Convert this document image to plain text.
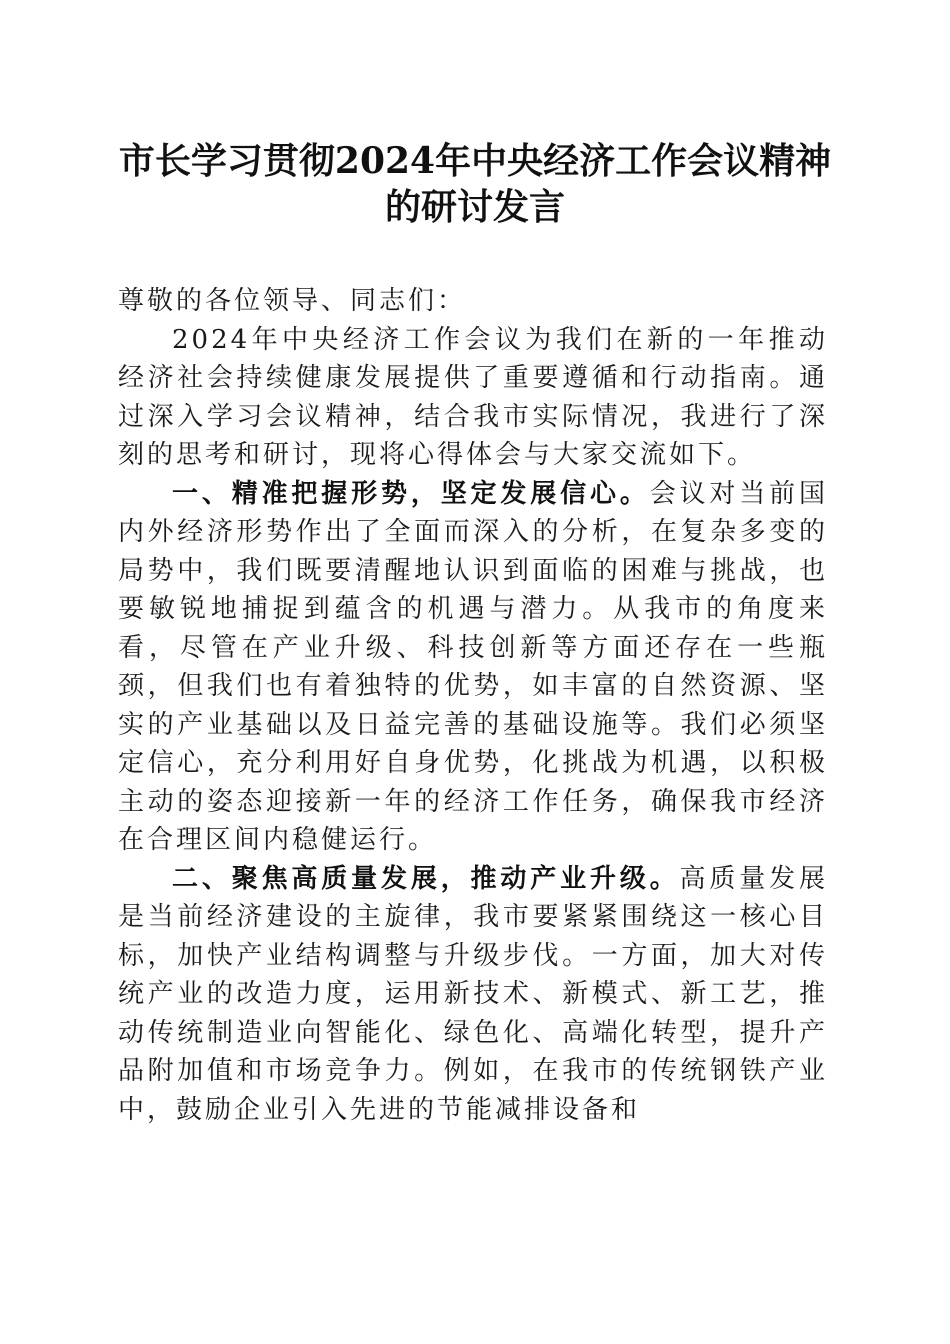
市长学习贯彻2024年中央经济工作会议精神
的研讨发言

尊敬的各位领导、同志们：

2024年中央经济工作会议为我们在新的一年推动经济社会持续健康发展提供了重要遵循和行动指南。通过深入学习会议精神，结合我市实际情况，我进行了深刻的思考和研讨，现将心得体会与大家交流如下。

一、精准把握形势，坚定发展信心。会议对当前国内外经济形势作出了全面而深入的分析，在复杂多变的局势中，我们既要清醒地认识到面临的困难与挑战，也要敏锐地捕捉到蕴含的机遇与潜力。从我市的角度来看，尽管在产业升级、科技创新等方面还存在一些瓶颈，但我们也有着独特的优势，如丰富的自然资源、坚实的产业基础以及日益完善的基础设施等。我们必须坚定信心，充分利用好自身优势，化挑战为机遇，以积极主动的姿态迎接新一年的经济工作任务，确保我市经济在合理区间内稳健运行。

二、聚焦高质量发展，推动产业升级。高质量发展是当前经济建设的主旋律，我市要紧紧围绕这一核心目标，加快产业结构调整与升级步伐。一方面，加大对传统产业的改造力度，运用新技术、新模式、新工艺，推动传统制造业向智能化、绿色化、高端化转型，提升产品附加值和市场竞争力。例如，在我市的传统钢铁产业中，鼓励企业引入先进的节能减排设备和
